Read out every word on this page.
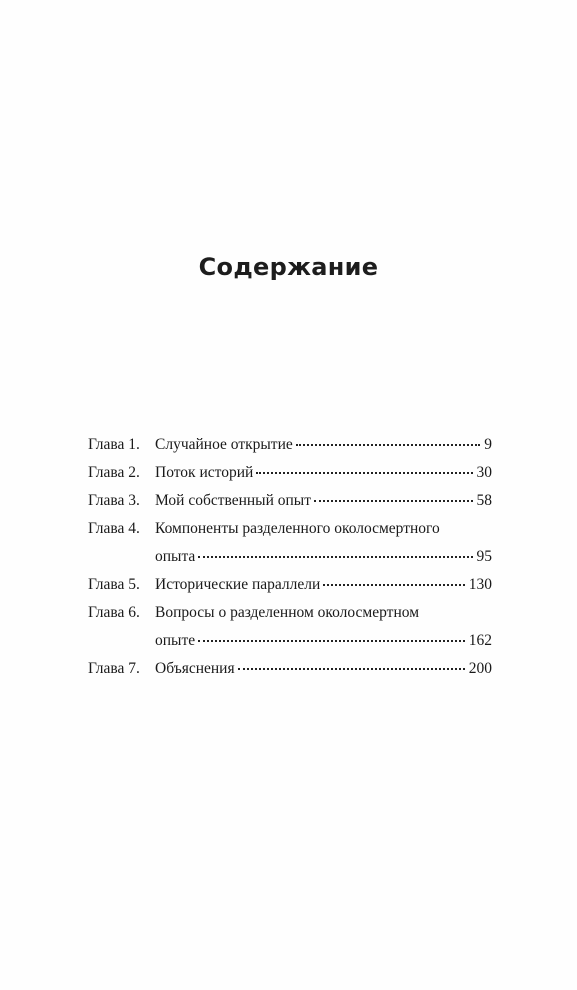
Содержание
Глава 1. Случайное открытие	9
Глава 2. Поток историй	30
Глава 3. Мой собственный опыт	58
Глава 4. Компоненты разделенного околосмертного
опыта	95
Глава 5. Исторические параллели	130
Глава 6. Вопросы о разделенном околосмертном
опыте	162
Глава 7. Объяснения	200
